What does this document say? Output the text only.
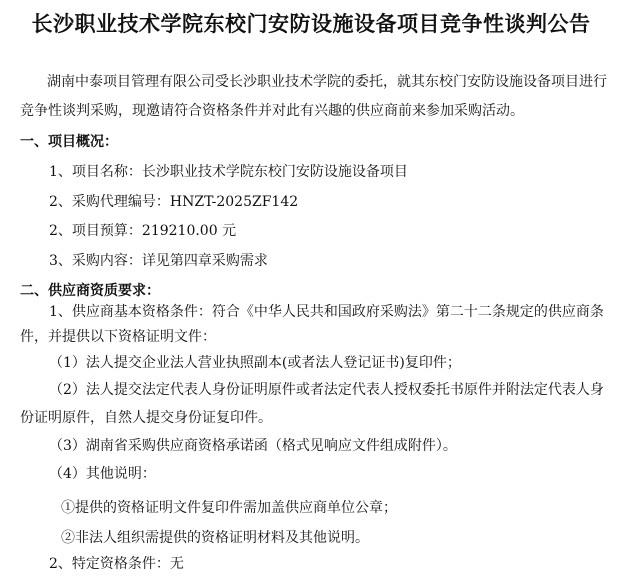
长沙职业技术学院东校门安防设施设备项目竞争性谈判公告
湖南中泰项目管理有限公司受长沙职业技术学院的委托，就其东校门安防设施设备项目进行
竞争性谈判采购，现邀请符合资格条件并对此有兴趣的供应商前来参加采购活动。
一、项目概况：
1、项目名称：长沙职业技术学院东校门安防设施设备项目
2、采购代理编号：HNZT-2025ZF142
2、项目预算：219210.00 元
3、采购内容：详见第四章采购需求
二、供应商资质要求：
1、供应商基本资格条件：符合《中华人民共和国政府采购法》第二十二条规定的供应商条
件，并提供以下资格证明文件：
（1）法人提交企业法人营业执照副本(或者法人登记证书)复印件；
（2）法人提交法定代表人身份证明原件或者法定代表人授权委托书原件并附法定代表人身
份证明原件，自然人提交身份证复印件。
（3）湖南省采购供应商资格承诺函（格式见响应文件组成附件）。
（4）其他说明：
①提供的资格证明文件复印件需加盖供应商单位公章；
②非法人组织需提供的资格证明材料及其他说明。
2、特定资格条件：无
